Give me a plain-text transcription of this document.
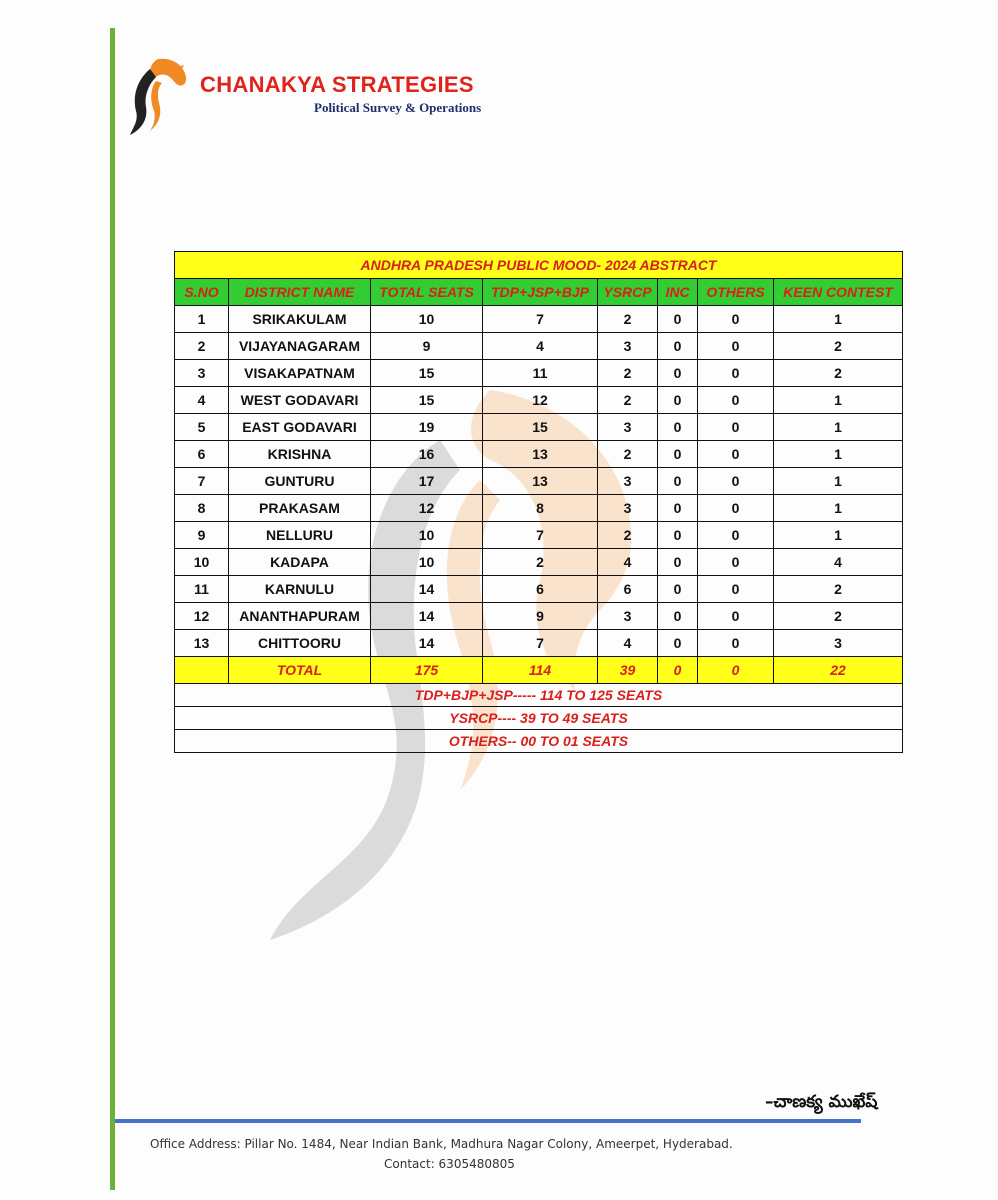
CHANAKYA STRATEGIES
Political Survey & Operations
ANDHRA PRADESH PUBLIC MOOD- 2024 ABSTRACT							
S.NO	DISTRICT NAME	TOTAL SEATS	TDP+JSP+BJP	YSRCP	INC	OTHERS	KEEN CONTEST
1	SRIKAKULAM	10	7	2	0	0	1
2	VIJAYANAGARAM	9	4	3	0	0	2
3	VISAKAPATNAM	15	11	2	0	0	2
4	WEST GODAVARI	15	12	2	0	0	1
5	EAST GODAVARI	19	15	3	0	0	1
6	KRISHNA	16	13	2	0	0	1
7	GUNTURU	17	13	3	0	0	1
8	PRAKASAM	12	8	3	0	0	1
9	NELLURU	10	7	2	0	0	1
10	KADAPA	10	2	4	0	0	4
11	KARNULU	14	6	6	0	0	2
12	ANANTHAPURAM	14	9	3	0	0	2
13	CHITTOORU	14	7	4	0	0	3
	TOTAL	175	114	39	0	0	22
TDP+BJP+JSP----- 114 TO 125 SEATS							
YSRCP---- 39 TO 49 SEATS							
OTHERS-- 00 TO 01 SEATS							
–చాణక్య ముఖేష్
Office Address: Pillar No. 1484, Near Indian Bank, Madhura Nagar Colony, Ameerpet, Hyderabad.
Contact: 6305480805
